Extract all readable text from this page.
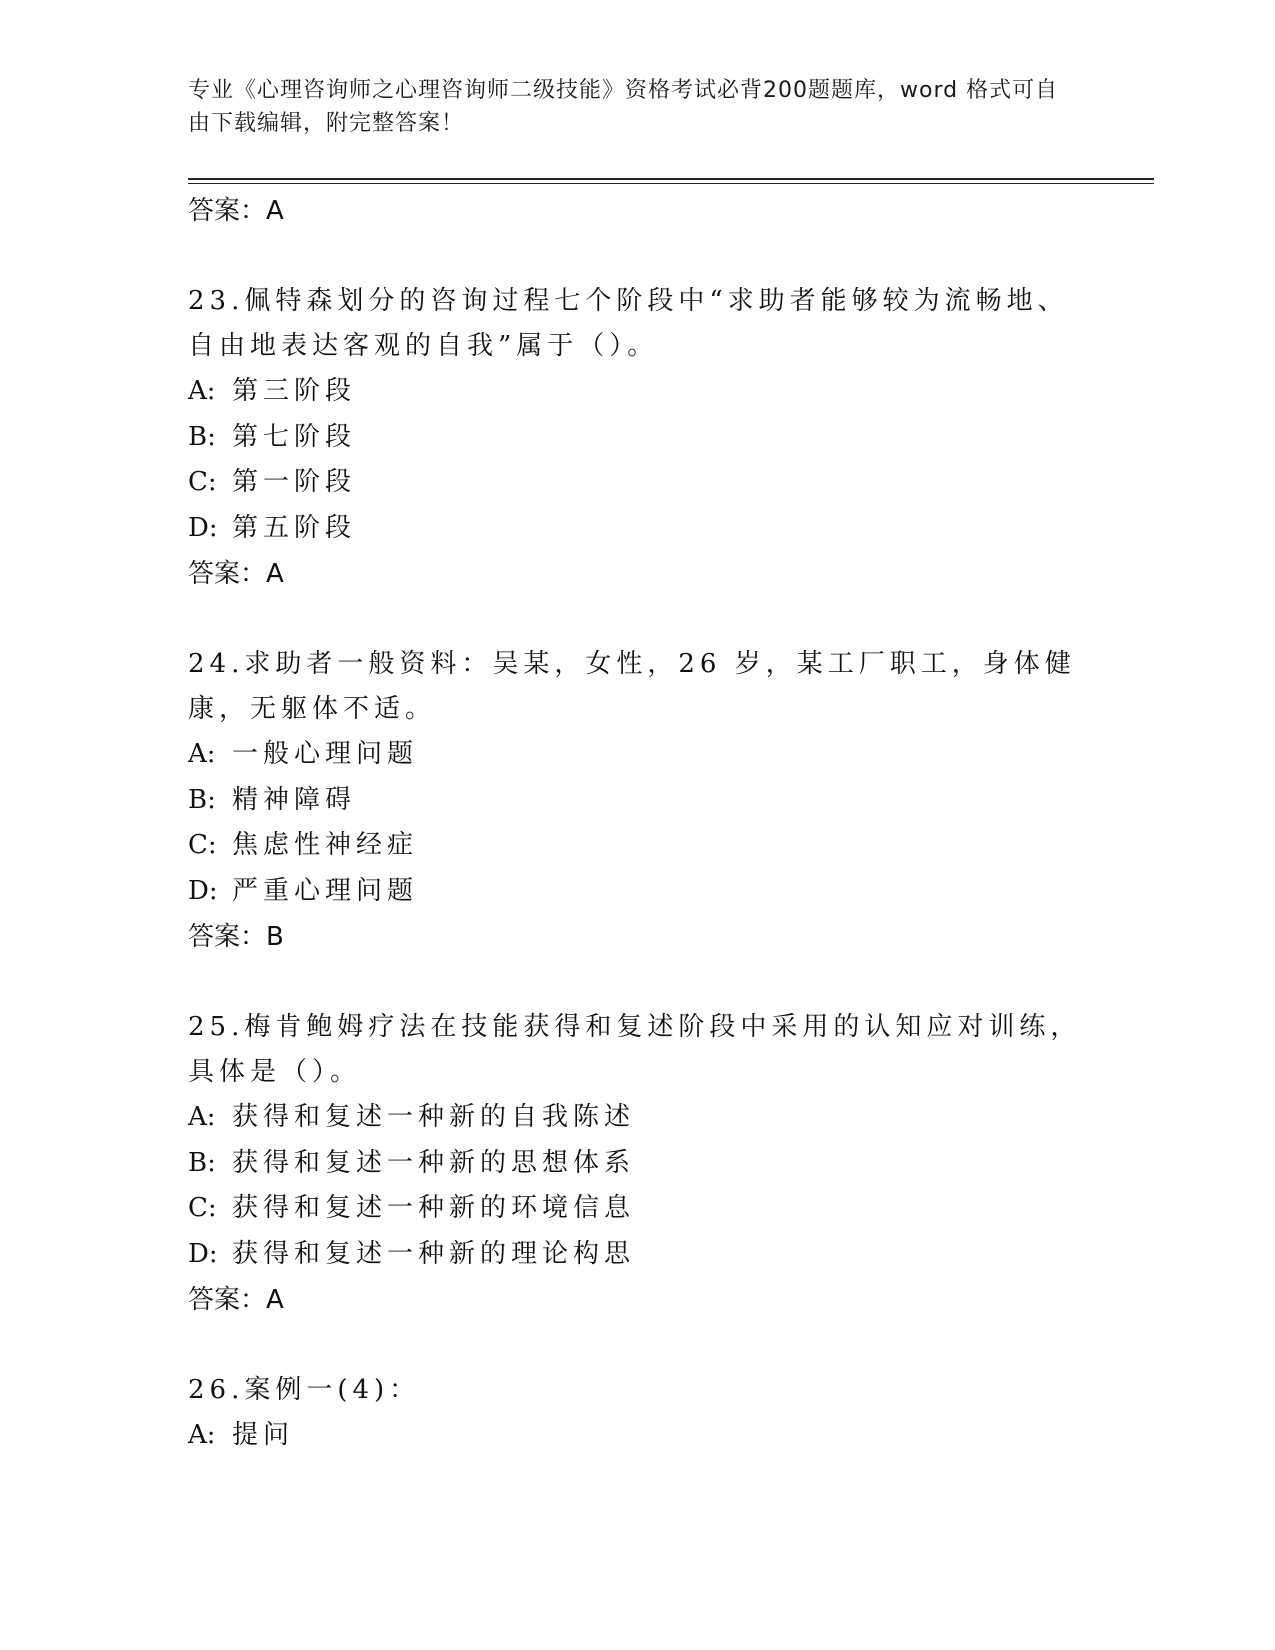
专业《心理咨询师之心理咨询师二级技能》资格考试必背200题题库，word 格式可自由下载编辑，附完整答案！
答案：A
23.佩特森划分的咨询过程七个阶段中“求助者能够较为流畅地、自由地表达客观的自我”属于（）。
A: 第三阶段
B: 第七阶段
C: 第一阶段
D: 第五阶段
答案：A
24.求助者一般资料：吴某，女性，26 岁，某工厂职工，身体健康，无躯体不适。
A: 一般心理问题
B: 精神障碍
C: 焦虑性神经症
D: 严重心理问题
答案：B
25.梅肯鲍姆疗法在技能获得和复述阶段中采用的认知应对训练，具体是（）。
A: 获得和复述一种新的自我陈述
B: 获得和复述一种新的思想体系
C: 获得和复述一种新的环境信息
D: 获得和复述一种新的理论构思
答案：A
26.案例一(4)：
A: 提问
